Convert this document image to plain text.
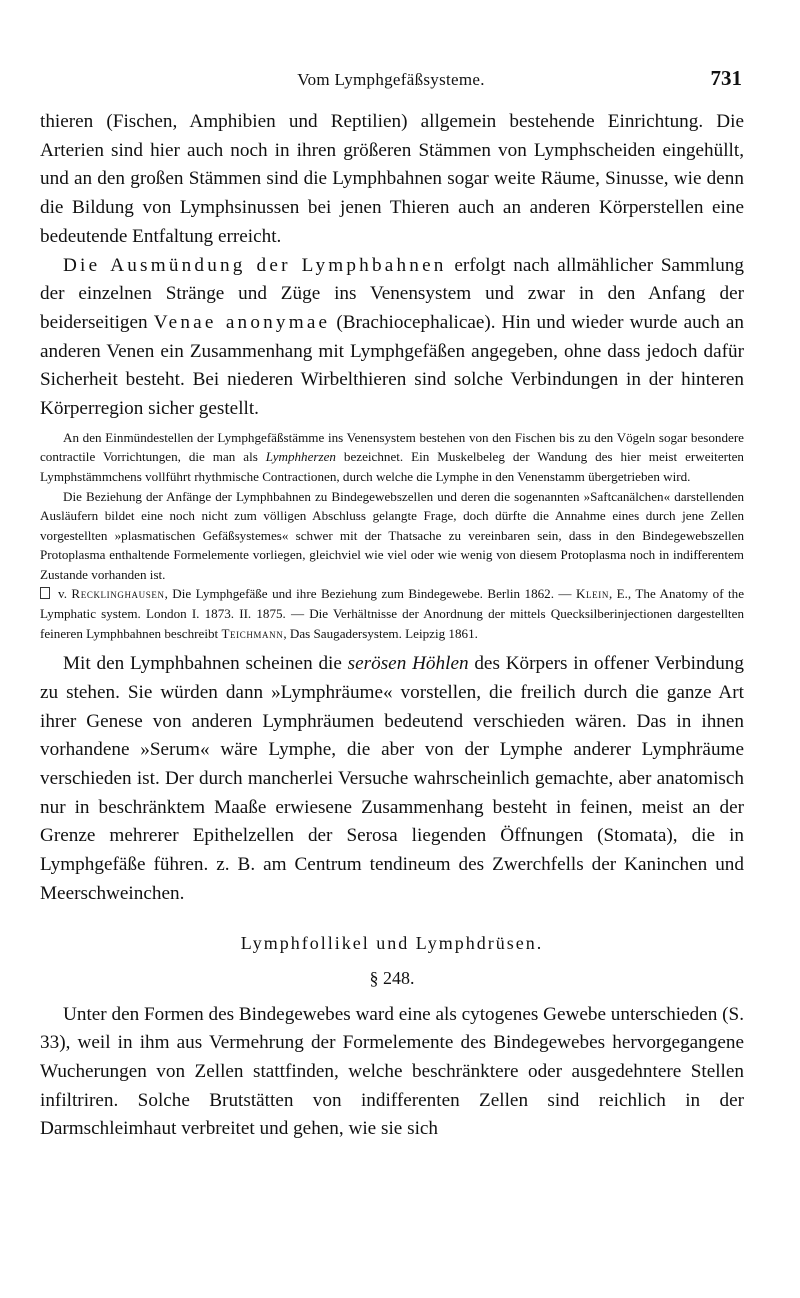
Vom Lymphgefäßsysteme.	731

thieren (Fischen, Amphibien und Reptilien) allgemein bestehende Einrichtung. Die Arterien sind hier auch noch in ihren größeren Stämmen von Lymphscheiden eingehüllt, und an den großen Stämmen sind die Lymphbahnen sogar weite Räume, Sinusse, wie denn die Bildung von Lymphsinussen bei jenen Thieren auch an anderen Körperstellen eine bedeutende Entfaltung erreicht.

Die Ausmündung der Lymphbahnen erfolgt nach allmählicher Sammlung der einzelnen Stränge und Züge ins Venensystem und zwar in den Anfang der beiderseitigen Venae anonymae (Brachiocephalicae). Hin und wieder wurde auch an anderen Venen ein Zusammenhang mit Lymphgefäßen angegeben, ohne dass jedoch dafür Sicherheit besteht. Bei niederen Wirbelthieren sind solche Verbindungen in der hinteren Körperregion sicher gestellt.

An den Einmündestellen der Lymphgefäßstämme ins Venensystem bestehen von den Fischen bis zu den Vögeln sogar besondere contractile Vorrichtungen, die man als Lymphherzen bezeichnet. Ein Muskelbeleg der Wandung des hier meist erweiterten Lymphstämmchens vollführt rhythmische Contractionen, durch welche die Lymphe in den Venenstamm übergetrieben wird.

Die Beziehung der Anfänge der Lymphbahnen zu Bindegewebszellen und deren die sogenannten »Saftcanälchen« darstellenden Ausläufern bildet eine noch nicht zum völligen Abschluss gelangte Frage, doch dürfte die Annahme eines durch jene Zellen vorgestellten »plasmatischen Gefäßsystemes« schwer mit der Thatsache zu vereinbaren sein, dass in den Bindegewebszellen Protoplasma enthaltende Formelemente vorliegen, gleichviel wie viel oder wie wenig von diesem Protoplasma noch in indifferentem Zustande vorhanden ist.

v. Recklinghausen, Die Lymphgefäße und ihre Beziehung zum Bindegewebe. Berlin 1862. — Klein, E., The Anatomy of the Lymphatic system. London I. 1873. II. 1875. — Die Verhältnisse der Anordnung der mittels Quecksilberinjectionen dargestellten feineren Lymphbahnen beschreibt Teichmann, Das Saugadersystem. Leipzig 1861.

Mit den Lymphbahnen scheinen die serösen Höhlen des Körpers in offener Verbindung zu stehen. Sie würden dann »Lymphräume« vorstellen, die freilich durch die ganze Art ihrer Genese von anderen Lymphräumen bedeutend verschieden wären. Das in ihnen vorhandene »Serum« wäre Lymphe, die aber von der Lymphe anderer Lymphräume verschieden ist. Der durch mancherlei Versuche wahrscheinlich gemachte, aber anatomisch nur in beschränktem Maaße erwiesene Zusammenhang besteht in feinen, meist an der Grenze mehrerer Epithelzellen der Serosa liegenden Öffnungen (Stomata), die in Lymphgefäße führen. z. B. am Centrum tendineum des Zwerchfells der Kaninchen und Meerschweinchen.

Lymphfollikel und Lymphdrüsen.

§ 248.

Unter den Formen des Bindegewebes ward eine als cytogenes Gewebe unterschieden (S. 33), weil in ihm aus Vermehrung der Formelemente des Bindegewebes hervorgegangene Wucherungen von Zellen stattfinden, welche beschränktere oder ausgedehntere Stellen infiltriren. Solche Brutstätten von indifferenten Zellen sind reichlich in der Darmschleimhaut verbreitet und gehen, wie sie sich
